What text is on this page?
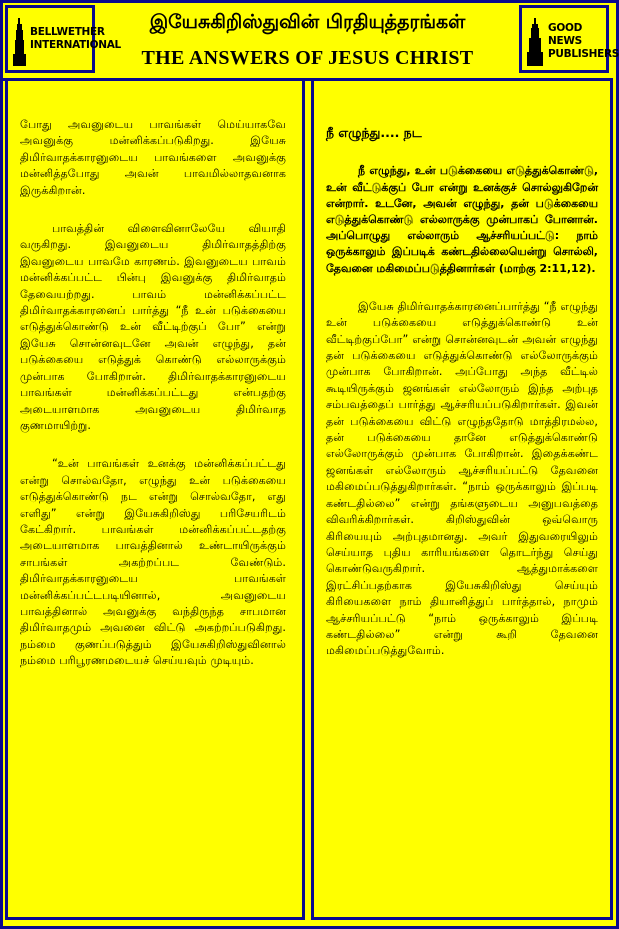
BELLWETHER
INTERNATIONAL
இயேசுகிறிஸ்துவின் பிரதியுத்தரங்கள்
THE ANSWERS OF JESUS CHRIST
GOOD NEWS
PUBLISHERS

போது அவனுடைய பாவங்கள் மெய்யாகவே அவனுக்கு மன்னிக்கப்படுகிறது. இயேசு திமிர்வாதக்காரனுடைய பாவங்களை அவனுக்கு மன்னித்தபோது அவன் பாவமில்லாதவனாக இருக்கிறான்.

பாவத்தின் விளைவினாலேயே வியாதி வருகிறது. இவனுடைய திமிர்வாதத்திற்கு இவனுடைய பாவமே காரணம். இவனுடைய பாவம் மன்னிக்கப்பட்ட பின்பு இவனுக்கு திமிர்வாதம் தேவையற்றது. பாவம் மன்னிக்கப்பட்ட திமிர்வாதக்காரனைப் பார்த்து “நீ உன் படுக்கையை எடுத்துக்கொண்டு உன் வீட்டிற்குப் போ” என்று இயேசு சொன்னவுடனே அவன் எழுந்து, தன் படுக்கையை எடுத்துக் கொண்டு எல்லாருக்கும் முன்பாக போகிறான். திமிர்வாதக்காரனுடைய பாவங்கள் மன்னிக்கப்பட்டது என்பதற்கு அடையாளமாக அவனுடைய திமிர்வாத குணமாயிற்று.

“உன் பாவங்கள் உனக்கு மன்னிக்கப்பட்டது என்று சொல்வதோ, எழுந்து உன் படுக்கையை எடுத்துக்கொண்டு நட என்று சொல்வதோ, எது எளிது” என்று இயேசுகிறிஸ்து பரிசேயரிடம் கேட்கிறார். பாவங்கள் மன்னிக்கப்பட்டதற்கு அடையாளமாக பாவத்தினால் உண்டாயிருக்கும் சாபங்கள் அகற்றப்பட வேண்டும். திமிர்வாதக்காரனுடைய பாவங்கள் மன்னிக்கப்பட்டபடியினால், அவனுடைய பாவத்தினால் அவனுக்கு வந்திருந்த சாபமான திமிர்வாதமும் அவனை விட்டு அகற்றப்படுகிறது. நம்மை குணப்படுத்தும் இயேசுகிறிஸ்துவினால் நம்மை பரிபூரணமடையச் செய்யவும் முடியும்.

நீ எழுந்து.... நட

நீ எழுந்து, உன் படுக்கையை எடுத்துக்கொண்டு, உன் வீட்டுக்குப் போ என்று உனக்குச் சொல்லுகிறேன் என்றார். உடனே, அவன் எழுந்து, தன் படுக்கையை எடுத்துக்கொண்டு எல்லாருக்கு முன்பாகப் போனான். அப்பொழுது எல்லாரும் ஆச்சரியப்பட்டு: நாம் ஒருக்காலும் இப்படிக் கண்டதில்லையென்று சொல்லி, தேவனை மகிமைப்படுத்தினார்கள் (மாற்கு 2:11,12).

இயேசு திமிர்வாதக்காரனைப்பார்த்து “நீ எழுந்து உன் படுக்கையை எடுத்துக்கொண்டு உன் வீட்டிற்குப்போ” என்று சொன்னவுடன் அவன் எழுந்து தன் படுக்கையை எடுத்துக்கொண்டு எல்லோருக்கும் முன்பாக போகிறான். அப்போது அந்த வீட்டில் கூடியிருக்கும் ஜனங்கள் எல்லோரும் இந்த அற்புத சம்பவத்தைப் பார்த்து ஆச்சரியப்படுகிறார்கள். இவன் தன் படுக்கையை விட்டு எழுந்ததோடு மாத்திரமல்ல, தன் படுக்கையை தானே எடுத்துக்கொண்டு எல்லோருக்கும் முன்பாக போகிறான். இதைக்கண்ட ஜனங்கள் எல்லோரும் ஆச்சரியப்பட்டு தேவனை மகிமைப்படுத்துகிறார்கள். “நாம் ஒருக்காலும் இப்படி கண்டதில்லை” என்று தங்களுடைய அனுபவத்தை விவரிக்கிறார்கள். கிறிஸ்துவின் ஒவ்வொரு கிரியையும் அற்புதமானது. அவர் இதுவரையிலும் செய்யாத புதிய காரியங்களை தொடர்ந்து செய்து கொண்டுவருகிறார். ஆத்துமாக்களை இரட்சிப்பதற்காக இயேசுகிறிஸ்து செய்யும் கிரியைகளை நாம் தியானித்துப் பார்த்தால், நாமும் ஆச்சரியப்பட்டு “நாம் ஒருக்காலும் இப்படி கண்டதில்லை” என்று கூறி தேவனை மகிமைப்படுத்துவோம்.
